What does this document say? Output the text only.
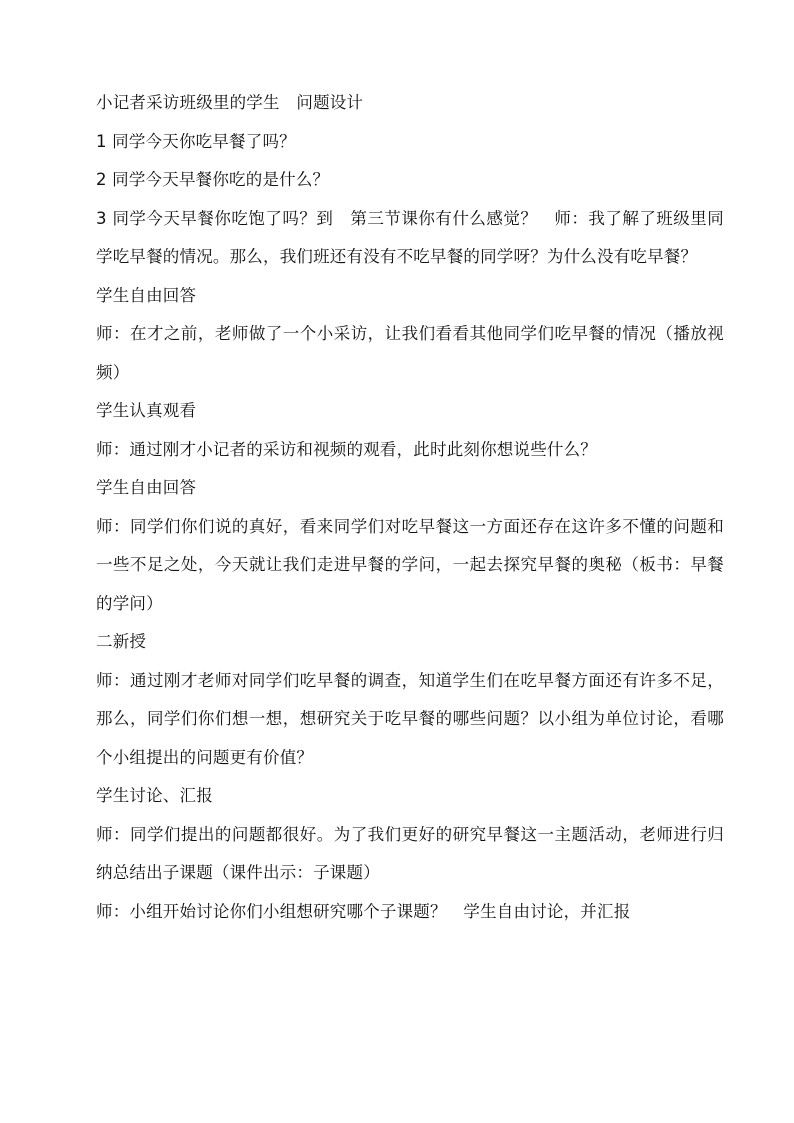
小记者采访班级里的学生　问题设计

1 同学今天你吃早餐了吗？

2 同学今天早餐你吃的是什么？

3 同学今天早餐你吃饱了吗？到　第三节课你有什么感觉？　师：我了解了班级里同学吃早餐的情况。那么，我们班还有没有不吃早餐的同学呀？为什么没有吃早餐？

学生自由回答

师：在才之前，老师做了一个小采访，让我们看看其他同学们吃早餐的情况（播放视频）

学生认真观看

师：通过刚才小记者的采访和视频的观看，此时此刻你想说些什么？

学生自由回答

师：同学们你们说的真好，看来同学们对吃早餐这一方面还存在这许多不懂的问题和一些不足之处，今天就让我们走进早餐的学问，一起去探究早餐的奥秘（板书：早餐的学问）

二新授

师：通过刚才老师对同学们吃早餐的调查，知道学生们在吃早餐方面还有许多不足，那么，同学们你们想一想，想研究关于吃早餐的哪些问题？以小组为单位讨论，看哪个小组提出的问题更有价值？

学生讨论、汇报

师：同学们提出的问题都很好。为了我们更好的研究早餐这一主题活动，老师进行归纳总结出子课题（课件出示：子课题）

师：小组开始讨论你们小组想研究哪个子课题？　学生自由讨论，并汇报
